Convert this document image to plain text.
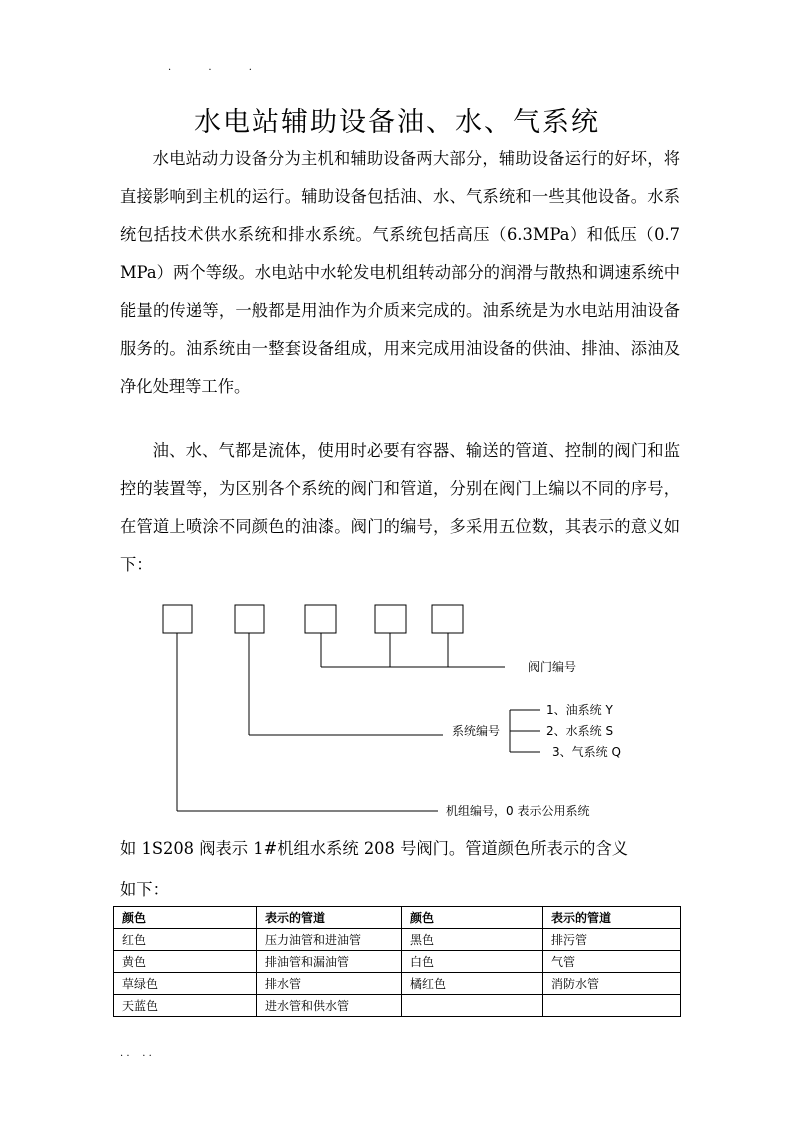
. . .
水电站辅助设备油、水、气系统

水电站动力设备分为主机和辅助设备两大部分，辅助设备运行的好坏，将直接影响到主机的运行。辅助设备包括油、水、气系统和一些其他设备。水系统包括技术供水系统和排水系统。气系统包括高压（6.3MPa）和低压（0.7 MPa）两个等级。水电站中水轮发电机组转动部分的润滑与散热和调速系统中能量的传递等，一般都是用油作为介质来完成的。油系统是为水电站用油设备服务的。油系统由一整套设备组成，用来完成用油设备的供油、排油、添油及净化处理等工作。

油、水、气都是流体，使用时必要有容器、输送的管道、控制的阀门和监控的装置等，为区别各个系统的阀门和管道，分别在阀门上编以不同的序号，在管道上喷涂不同颜色的油漆。阀门的编号，多采用五位数，其表示的意义如下：

阀门编号
系统编号
1、油系统 Y
2、水系统 S
3、气系统 Q
机组编号，0 表示公用系统

如 1S208 阀表示 1#机组水系统 208 号阀门。管道颜色所表示的含义

如下：

颜色	表示的管道	颜色	表示的管道
红色	压力油管和进油管	黑色	排污管
黄色	排油管和漏油管	白色	气管
草绿色	排水管	橘红色	消防水管
天蓝色	进水管和供水管		
. .    . .
